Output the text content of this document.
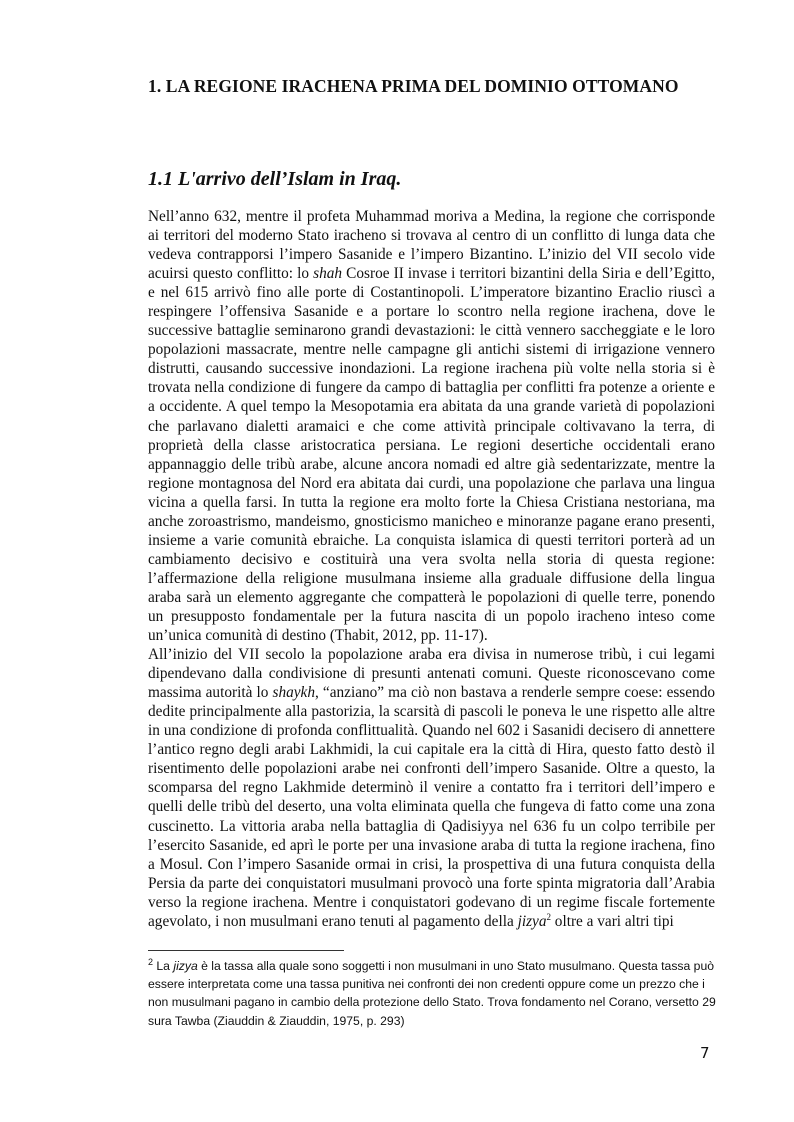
1. LA REGIONE IRACHENA PRIMA DEL DOMINIO OTTOMANO
1.1 L'arrivo dell’Islam in Iraq.

Nell’anno 632, mentre il profeta Muhammad moriva a Medina, la regione che corrisponde ai territori del moderno Stato iracheno si trovava al centro di un conflitto di lunga data che vedeva contrapporsi l’impero Sasanide e l’impero Bizantino. L’inizio del VII secolo vide acuirsi questo conflitto: lo shah Cosroe II invase i territori bizantini della Siria e dell’Egitto, e nel 615 arrivò fino alle porte di Costantinopoli. L’imperatore bizantino Eraclio riuscì a respingere l’offensiva Sasanide e a portare lo scontro nella regione irachena, dove le successive battaglie seminarono grandi devastazioni: le città vennero saccheggiate e le loro popolazioni massacrate, mentre nelle campagne gli antichi sistemi di irrigazione vennero distrutti, causando successive inondazioni. La regione irachena più volte nella storia si è trovata nella condizione di fungere da campo di battaglia per conflitti fra potenze a oriente e a occidente. A quel tempo la Mesopotamia era abitata da una grande varietà di popolazioni che parlavano dialetti aramaici e che come attività principale coltivavano la terra, di proprietà della classe aristocratica persiana. Le regioni desertiche occidentali erano appannaggio delle tribù arabe, alcune ancora nomadi ed altre già sedentarizzate, mentre la regione montagnosa del Nord era abitata dai curdi, una popolazione che parlava una lingua vicina a quella farsi. In tutta la regione era molto forte la Chiesa Cristiana nestoriana, ma anche zoroastrismo, mandeismo, gnosticismo manicheo e minoranze pagane erano presenti, insieme a varie comunità ebraiche. La conquista islamica di questi territori porterà ad un cambiamento decisivo e costituirà una vera svolta nella storia di questa regione: l’affermazione della religione musulmana insieme alla graduale diffusione della lingua araba sarà un elemento aggregante che compatterà le popolazioni di quelle terre, ponendo un presupposto fondamentale per la futura nascita di un popolo iracheno inteso come un’unica comunità di destino (Thabit, 2012, pp. 11-17).

All’inizio del VII secolo la popolazione araba era divisa in numerose tribù, i cui legami dipendevano dalla condivisione di presunti antenati comuni. Queste riconoscevano come massima autorità lo shaykh, “anziano” ma ciò non bastava a renderle sempre coese: essendo dedite principalmente alla pastorizia, la scarsità di pascoli le poneva le une rispetto alle altre in una condizione di profonda conflittualità. Quando nel 602 i Sasanidi decisero di annettere l’antico regno degli arabi Lakhmidi, la cui capitale era la città di Hira, questo fatto destò il risentimento delle popolazioni arabe nei confronti dell’impero Sasanide. Oltre a questo, la scomparsa del regno Lakhmide determinò il venire a contatto fra i territori dell’impero e quelli delle tribù del deserto, una volta eliminata quella che fungeva di fatto come una zona cuscinetto. La vittoria araba nella battaglia di Qadisiyya nel 636 fu un colpo terribile per l’esercito Sasanide, ed aprì le porte per una invasione araba di tutta la regione irachena, fino a Mosul. Con l’impero Sasanide ormai in crisi, la prospettiva di una futura conquista della Persia da parte dei conquistatori musulmani provocò una forte spinta migratoria dall’Arabia verso la regione irachena. Mentre i conquistatori godevano di un regime fiscale fortemente agevolato, i non musulmani erano tenuti al pagamento della jizya$^2$ oltre a vari altri tipi

$^2$ La jizya è la tassa alla quale sono soggetti i non musulmani in uno Stato musulmano. Questa tassa può essere interpretata come una tassa punitiva nei confronti dei non credenti oppure come un prezzo che i non musulmani pagano in cambio della protezione dello Stato. Trova fondamento nel Corano, versetto 29 sura Tawba (Ziauddin & Ziauddin, 1975, p. 293)

7
